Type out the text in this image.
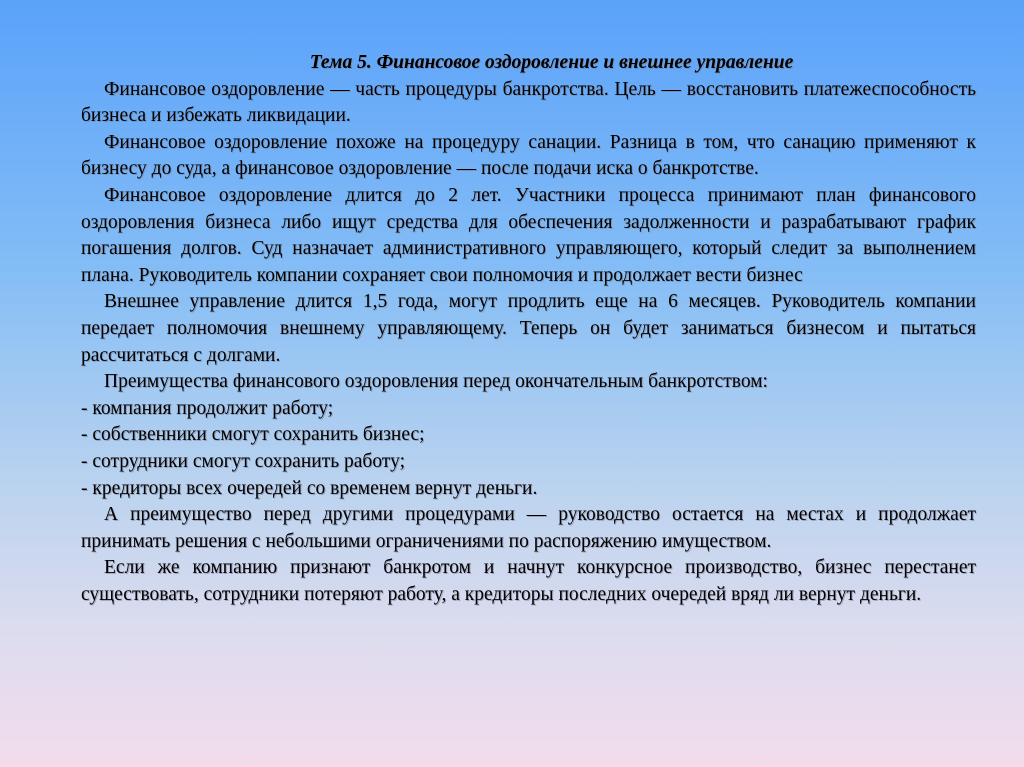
Тема 5. Финансовое оздоровление и внешнее управление

Финансовое оздоровление — часть процедуры банкротства. Цель — восстановить платежеспособность бизнеса и избежать ликвидации.

Финансовое оздоровление похоже на процедуру санации. Разница в том, что санацию применяют к бизнесу до суда, а финансовое оздоровление — после подачи иска о банкротстве.

Финансовое оздоровление длится до 2 лет. Участники процесса принимают план финансового оздоровления бизнеса либо ищут средства для обеспечения задолженности и разрабатывают график погашения долгов. Суд назначает административного управляющего, который следит за выполнением плана. Руководитель компании сохраняет свои полномочия и продолжает вести бизнес

Внешнее управление длится 1,5 года, могут продлить еще на 6 месяцев. Руководитель компании передает полномочия внешнему управляющему. Теперь он будет заниматься бизнесом и пытаться рассчитаться с долгами.

Преимущества финансового оздоровления перед окончательным банкротством:

- компания продолжит работу;

- собственники смогут сохранить бизнес;

- сотрудники смогут сохранить работу;

- кредиторы всех очередей со временем вернут деньги.

А преимущество перед другими процедурами — руководство остается на местах и продолжает принимать решения с небольшими ограничениями по распоряжению имуществом.

Если же компанию признают банкротом и начнут конкурсное производство, бизнес перестанет существовать, сотрудники потеряют работу, а кредиторы последних очередей вряд ли вернут деньги.
